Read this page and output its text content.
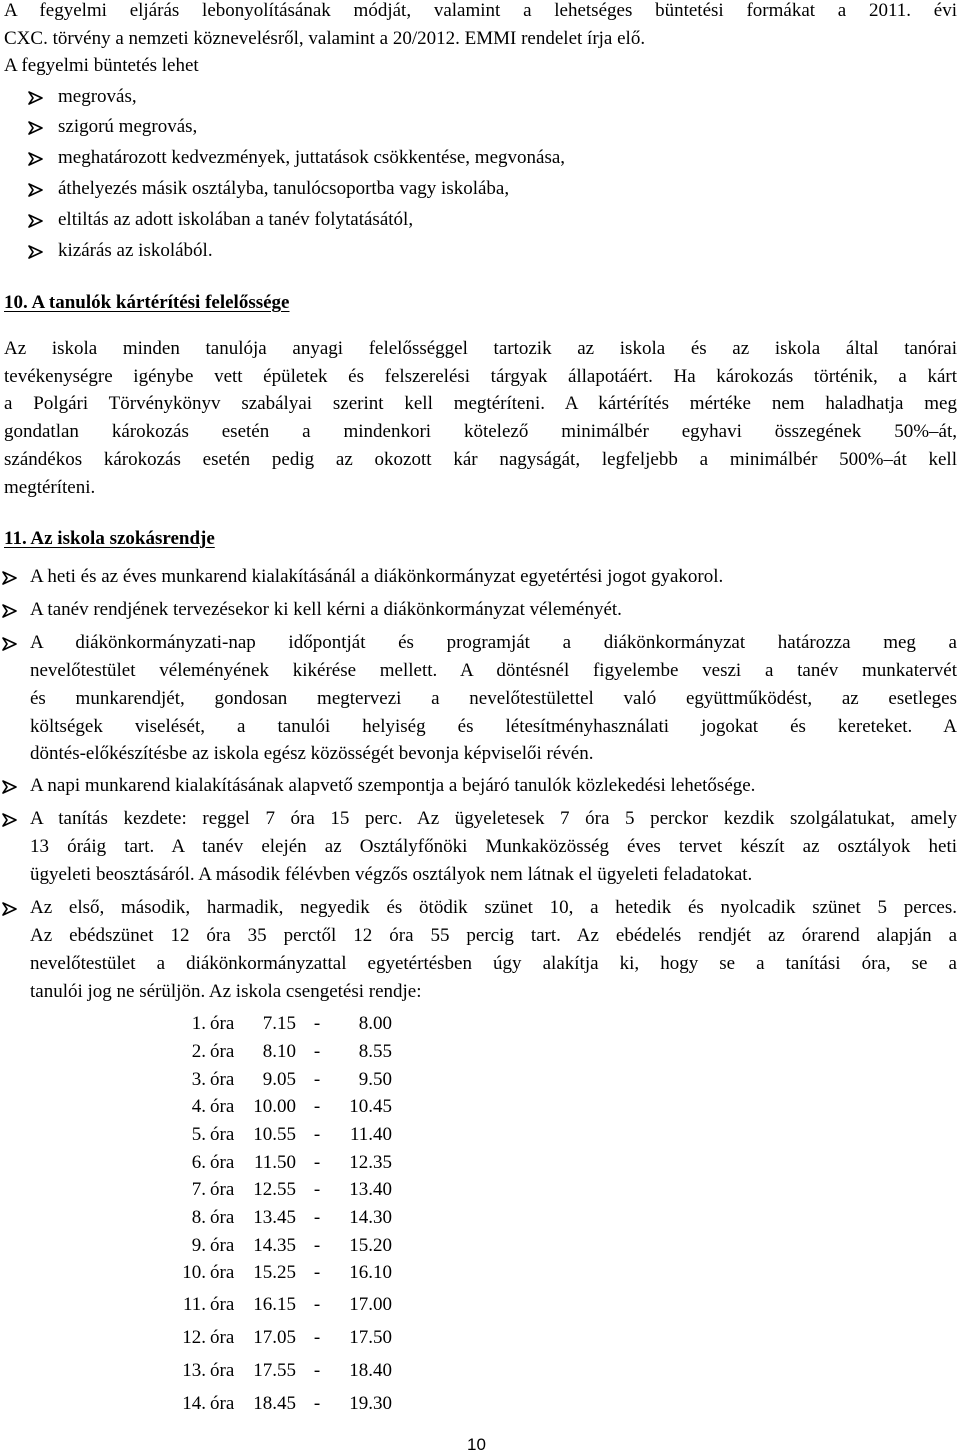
A fegyelmi eljárás lebonyolításának módját, valamint a lehetséges büntetési formákat a 2011. évi
CXC. törvény a nemzeti köznevelésről, valamint a 20/2012. EMMI rendelet írja elő.
A fegyelmi büntetés lehet
megrovás,
szigorú megrovás,
meghatározott kedvezmények, juttatások csökkentése, megvonása,
áthelyezés másik osztályba, tanulócsoportba vagy iskolába,
eltiltás az adott iskolában a tanév folytatásától,
kizárás az iskolából.
10. A tanulók kártérítési felelőssége
Az iskola minden tanulója anyagi felelősséggel tartozik az iskola és az iskola által tanórai
tevékenységre igénybe vett épületek és felszerelési tárgyak állapotáért. Ha károkozás történik, a kárt
a Polgári Törvénykönyv szabályai szerint kell megtéríteni. A kártérítés mértéke nem haladhatja meg
gondatlan károkozás esetén a mindenkori kötelező minimálbér egyhavi összegének 50%–át,
szándékos károkozás esetén pedig az okozott kár nagyságát, legfeljebb a minimálbér 500%–át kell
megtéríteni.
11. Az iskola szokásrendje
A heti és az éves munkarend kialakításánál a diákönkormányzat egyetértési jogot gyakorol.
A tanév rendjének tervezésekor ki kell kérni a diákönkormányzat véleményét.
A diákönkormányzati-nap időpontját és programját a diákönkormányzat határozza meg a
nevelőtestület véleményének kikérése mellett. A döntésnél figyelembe veszi a tanév munkatervét
és munkarendjét, gondosan megtervezi a nevelőtestülettel való együttműködést, az esetleges
költségek viselését, a tanulói helyiség és létesítményhasználati jogokat és kereteket. A
döntés-előkészítésbe az iskola egész közösségét bevonja képviselői révén.
A napi munkarend kialakításának alapvető szempontja a bejáró tanulók közlekedési lehetősége.
A tanítás kezdete: reggel 7 óra 15 perc. Az ügyeletesek 7 óra 5 perckor kezdik szolgálatukat, amely
13 óráig tart. A tanév elején az Osztályfőnöki Munkaközösség éves tervet készít az osztályok heti
ügyeleti beosztásáról. A második félévben végzős osztályok nem látnak el ügyeleti feladatokat.
Az első, második, harmadik, negyedik és ötödik szünet 10, a hetedik és nyolcadik szünet 5 perces.
Az ebédszünet 12 óra 35 perctől 12 óra 55 percig tart. Az ebédelés rendjét az órarend alapján a
nevelőtestület a diákönkormányzattal egyetértésben úgy alakítja ki, hogy se a tanítási óra, se a
tanulói jog ne sérüljön. Az iskola csengetési rendje:
1. óra 7.15 - 8.00
2. óra 8.10 - 8.55
3. óra 9.05 - 9.50
4. óra 10.00 - 10.45
5. óra 10.55 - 11.40
6. óra 11.50 - 12.35
7. óra 12.55 - 13.40
8. óra 13.45 - 14.30
9. óra 14.35 - 15.20
10. óra 15.25 - 16.10
11. óra 16.15 - 17.00
12. óra 17.05 - 17.50
13. óra 17.55 - 18.40
14. óra 18.45 - 19.30
10
